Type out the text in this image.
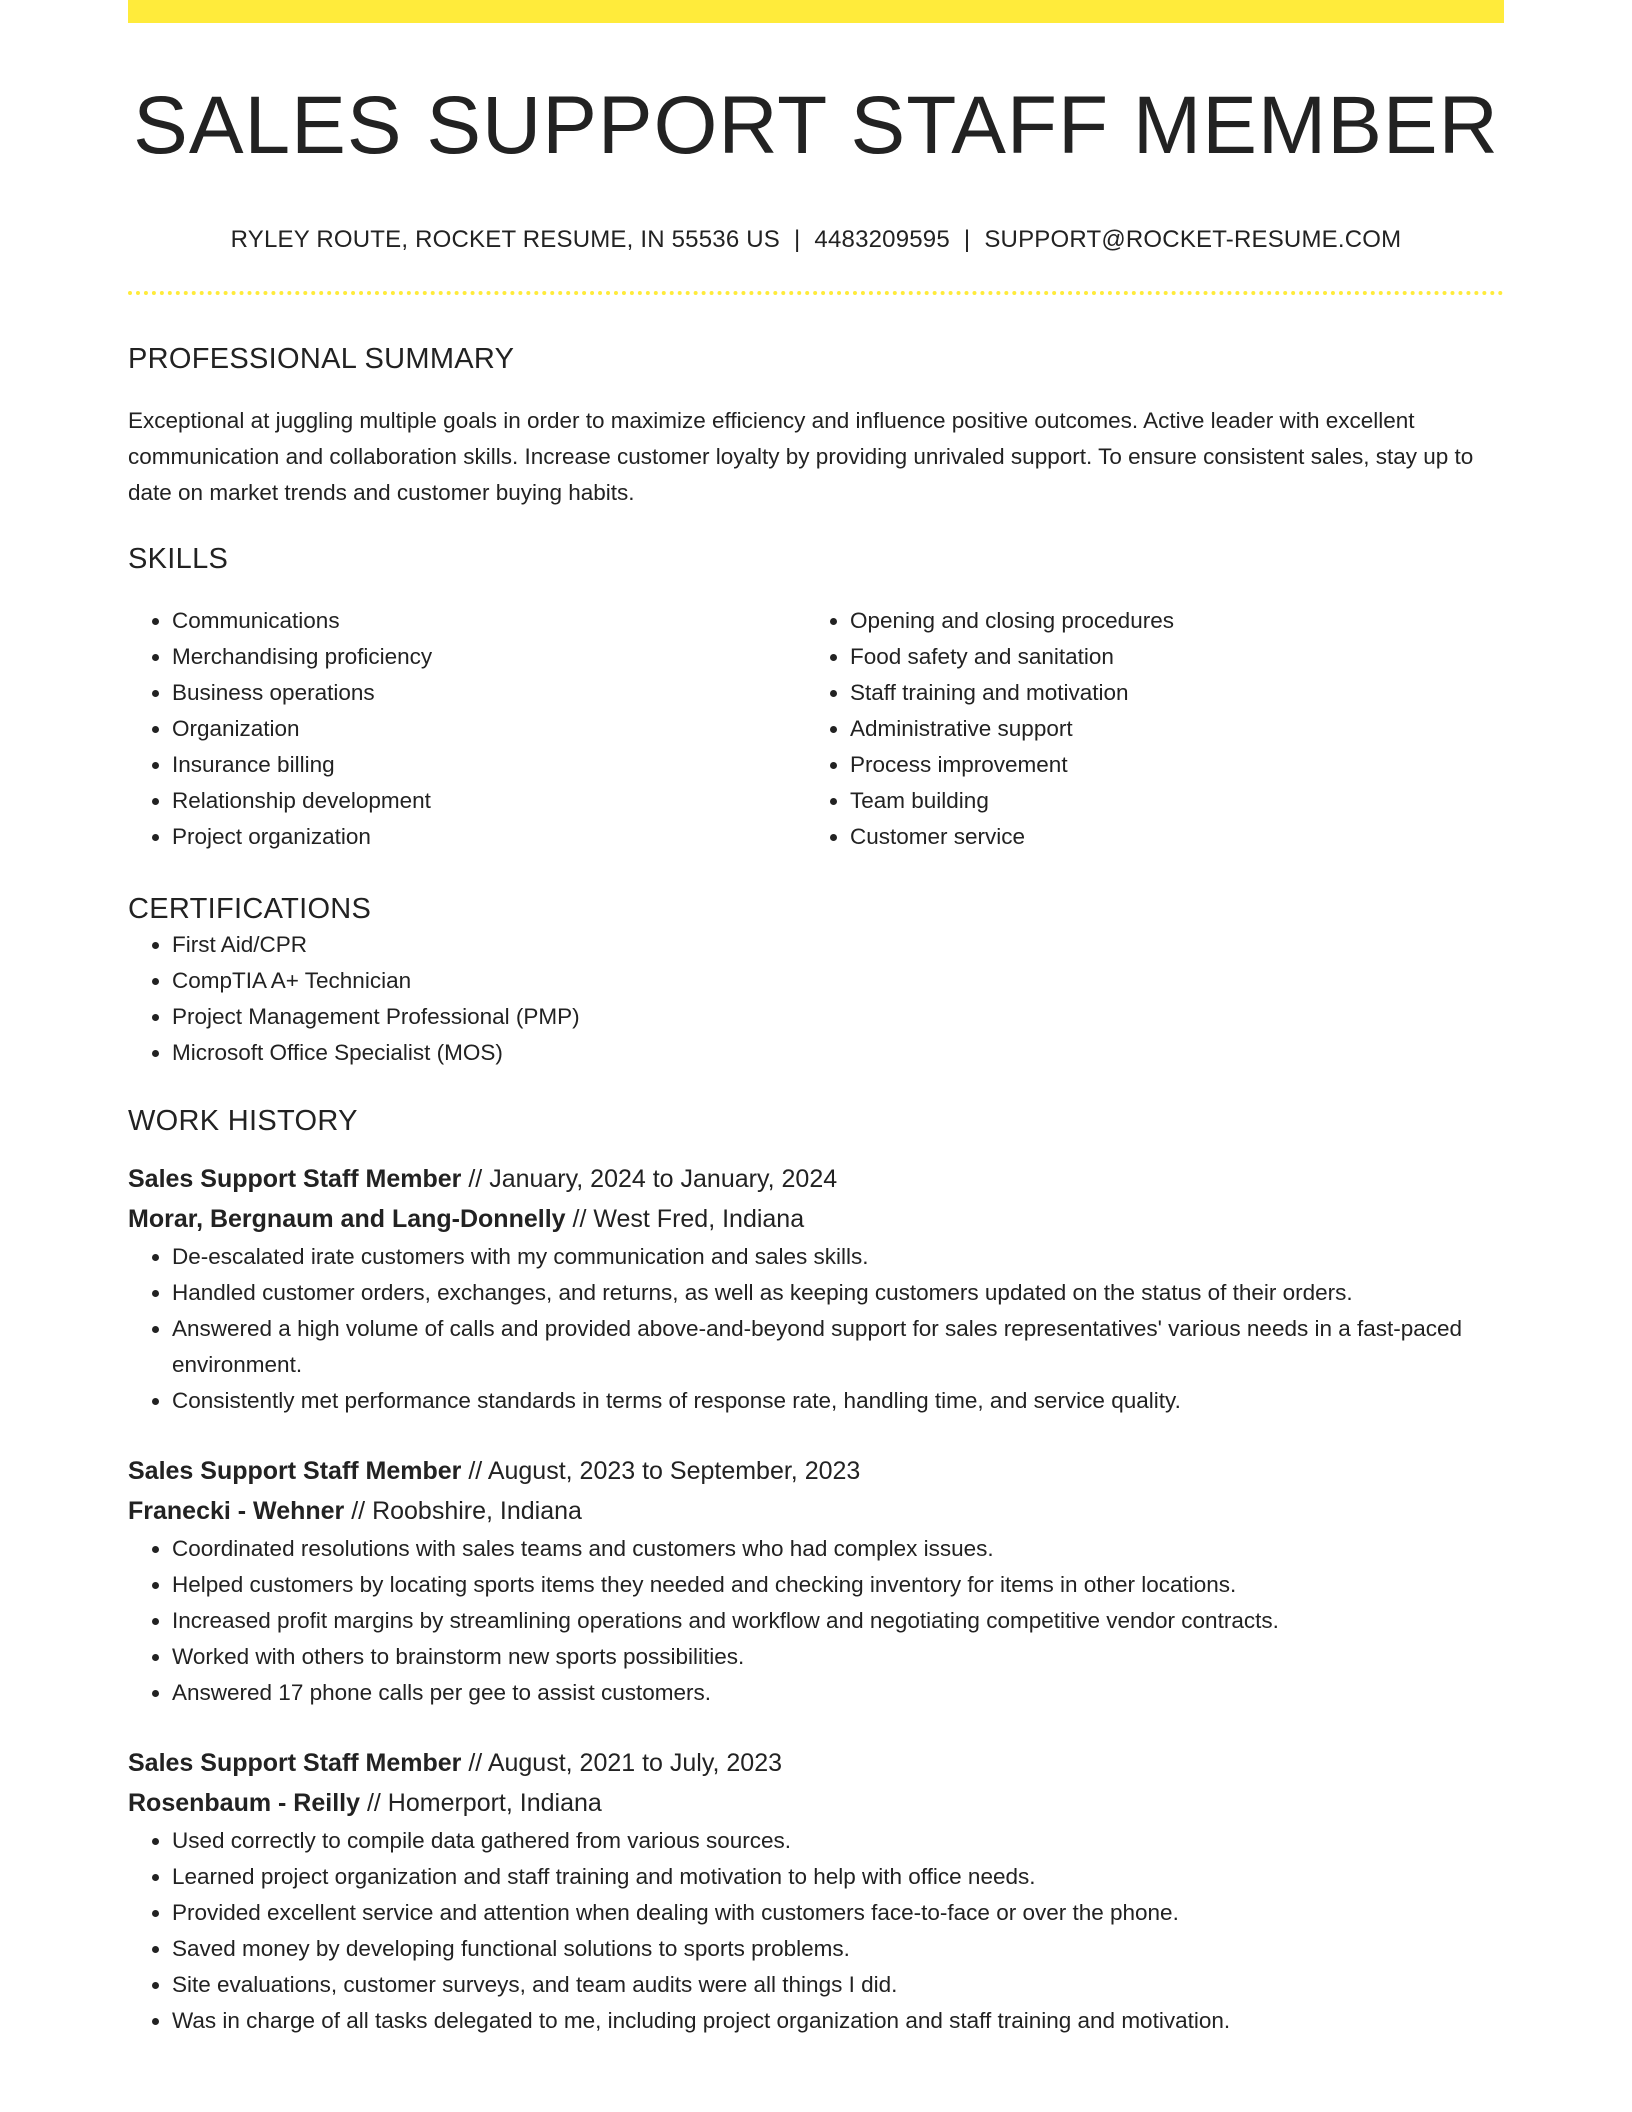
SALES SUPPORT STAFF MEMBER
RYLEY ROUTE, ROCKET RESUME, IN 55536 US | 4483209595 | SUPPORT@ROCKET-RESUME.COM
PROFESSIONAL SUMMARY

Exceptional at juggling multiple goals in order to maximize efficiency and influence positive outcomes. Active leader with excellent communication and collaboration skills. Increase customer loyalty by providing unrivaled support. To ensure consistent sales, stay up to date on market trends and customer buying habits.

SKILLS
• Communications
• Merchandising proficiency
• Business operations
• Organization
• Insurance billing
• Relationship development
• Project organization
• Opening and closing procedures
• Food safety and sanitation
• Staff training and motivation
• Administrative support
• Process improvement
• Team building
• Customer service
CERTIFICATIONS
• First Aid/CPR
• CompTIA A+ Technician
• Project Management Professional (PMP)
• Microsoft Office Specialist (MOS)
WORK HISTORY
Sales Support Staff Member // January, 2024 to January, 2024
Morar, Bergnaum and Lang-Donnelly // West Fred, Indiana
• De-escalated irate customers with my communication and sales skills.
• Handled customer orders, exchanges, and returns, as well as keeping customers updated on the status of their orders.
• Answered a high volume of calls and provided above-and-beyond support for sales representatives' various needs in a fast-paced environment.
• Consistently met performance standards in terms of response rate, handling time, and service quality.
Sales Support Staff Member // August, 2023 to September, 2023
Franecki - Wehner // Roobshire, Indiana
• Coordinated resolutions with sales teams and customers who had complex issues.
• Helped customers by locating sports items they needed and checking inventory for items in other locations.
• Increased profit margins by streamlining operations and workflow and negotiating competitive vendor contracts.
• Worked with others to brainstorm new sports possibilities.
• Answered 17 phone calls per gee to assist customers.
Sales Support Staff Member // August, 2021 to July, 2023
Rosenbaum - Reilly // Homerport, Indiana
• Used correctly to compile data gathered from various sources.
• Learned project organization and staff training and motivation to help with office needs.
• Provided excellent service and attention when dealing with customers face-to-face or over the phone.
• Saved money by developing functional solutions to sports problems.
• Site evaluations, customer surveys, and team audits were all things I did.
• Was in charge of all tasks delegated to me, including project organization and staff training and motivation.
